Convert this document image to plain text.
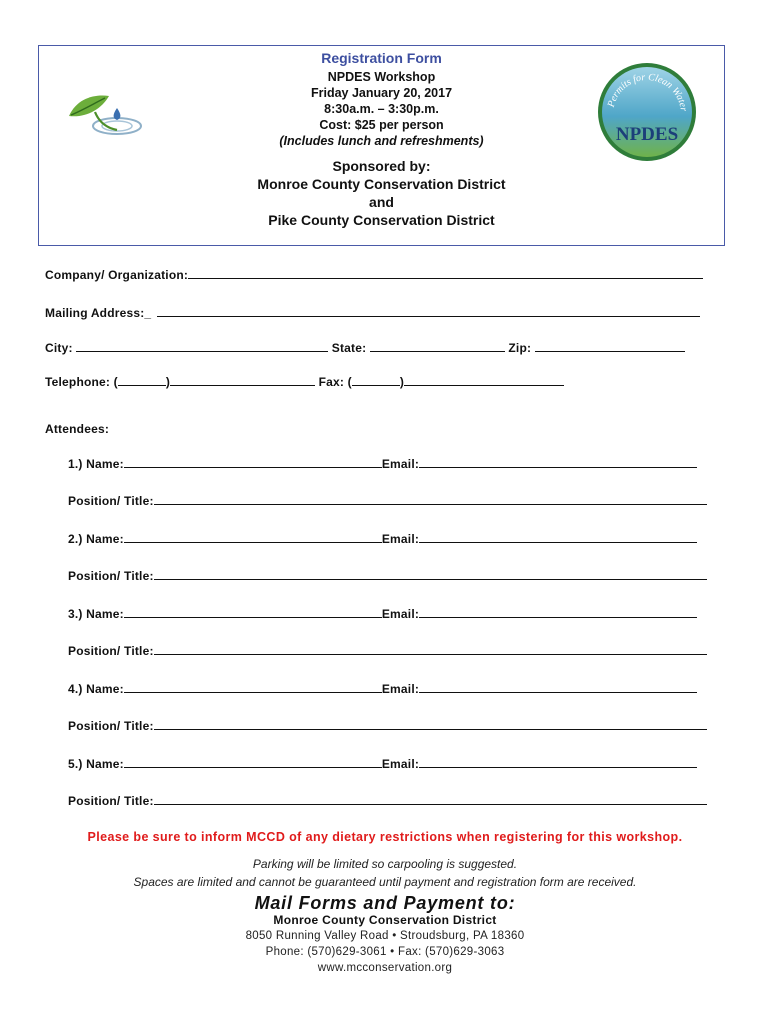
Registration Form
NPDES Workshop
Friday January 20, 2017
8:30a.m. – 3:30p.m.
Cost: $25 per person
(Includes lunch and refreshments)
Sponsored by:
Monroe County Conservation District
and
Pike County Conservation District
Permits for Clean Water
NPDES
Company/ Organization:
Mailing Address:_
City:	State:	Zip:
Telephone: (	)	Fax: (	)
Attendees:
1.) Name:	Email:
Position/ Title:
2.) Name:	Email:
Position/ Title:
3.) Name:	Email:
Position/ Title:
4.) Name:	Email:
Position/ Title:
5.) Name:	Email:
Position/ Title:
Please be sure to inform MCCD of any dietary restrictions when registering for this workshop.
Parking will be limited so carpooling is suggested.
Spaces are limited and cannot be guaranteed until payment and registration form are received.
Mail Forms and Payment to:
Monroe County Conservation District
8050 Running Valley Road • Stroudsburg, PA 18360
Phone: (570)629-3061 • Fax: (570)629-3063
www.mcconservation.org
